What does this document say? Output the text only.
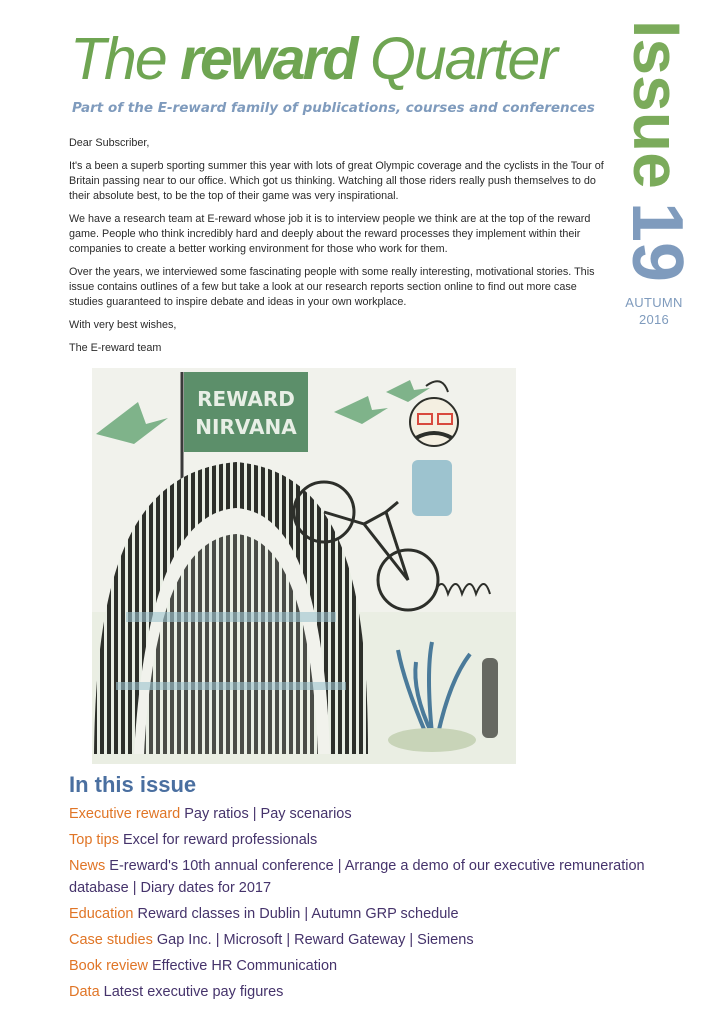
The reward Quarter
Part of the E-reward family of publications, courses and conferences Issue
19
AUTUMN
2016

Dear Subscriber,

It's a been a superb sporting summer this year with lots of great Olympic coverage and the cyclists in the Tour of Britain passing near to our office. Which got us thinking. Watching all those riders really push themselves to do their absolute best, to be the top of their game was very inspirational.

We have a research team at E-reward whose job it is to interview people we think are at the top of the reward game. People who think incredibly hard and deeply about the reward processes they implement within their companies to create a better working environment for those who work for them.

Over the years, we interviewed some fascinating people with some really interesting, motivational stories. This issue contains outlines of a few but take a look at our research reports section online to find out more case studies guaranteed to inspire debate and ideas in your own workplace.

With very best wishes,

The E-reward team

REWARD
NIRVANA
In this issue
Executive reward Pay ratios | Pay scenarios
Top tips Excel for reward professionals
News E-reward's 10th annual conference | Arrange a demo of our executive remuneration database | Diary dates for 2017
Education Reward classes in Dublin | Autumn GRP schedule
Case studies Gap Inc. | Microsoft | Reward Gateway | Siemens
Book review Effective HR Communication
Data Latest executive pay figures
